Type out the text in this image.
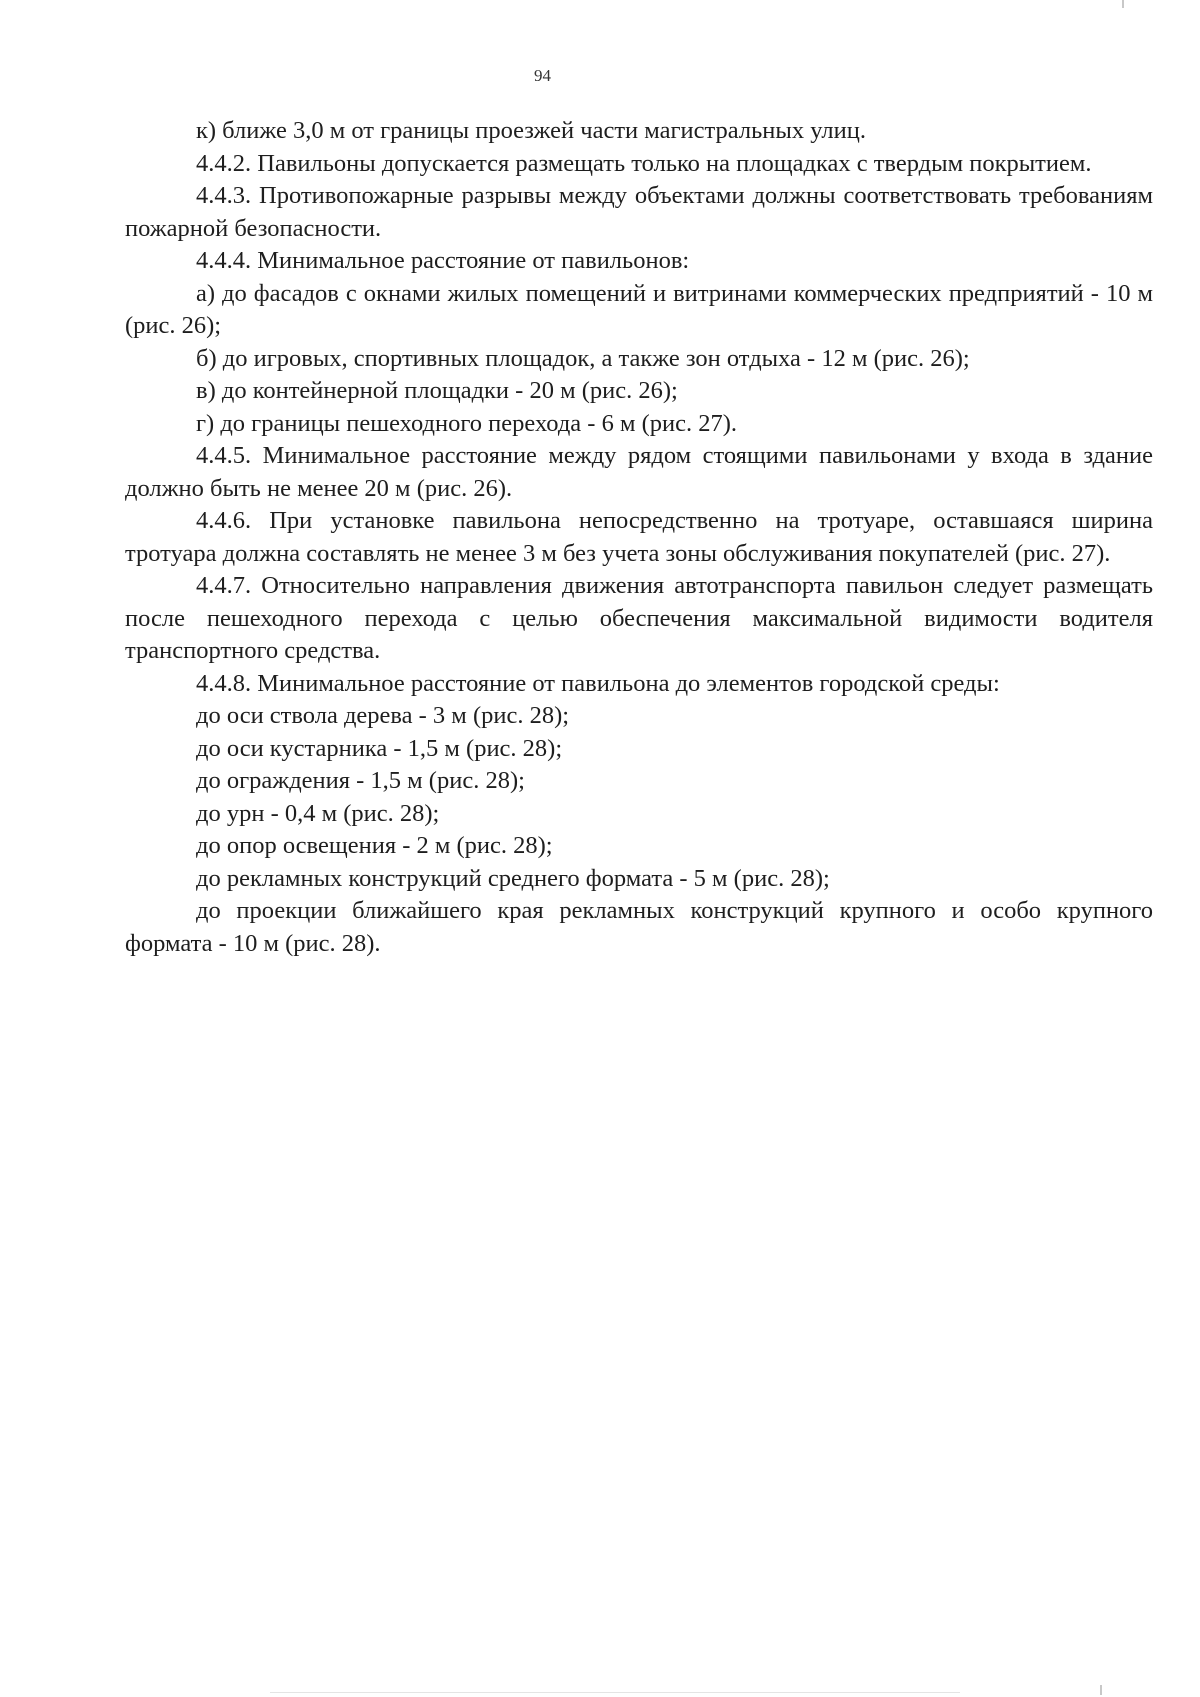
94

к) ближе 3,0 м от границы проезжей части магистральных улиц.

4.4.2. Павильоны допускается размещать только на площадках с твердым покрытием.

4.4.3. Противопожарные разрывы между объектами должны соответствовать требованиям пожарной безопасности.

4.4.4. Минимальное расстояние от павильонов:

а) до фасадов с окнами жилых помещений и витринами коммерческих предприятий - 10 м (рис. 26);

б) до игровых, спортивных площадок, а также зон отдыха - 12 м (рис. 26);

в) до контейнерной площадки - 20 м (рис. 26);

г) до границы пешеходного перехода - 6 м (рис. 27).

4.4.5. Минимальное расстояние между рядом стоящими павильонами у входа в здание должно быть не менее 20 м (рис. 26).

4.4.6. При установке павильона непосредственно на тротуаре, оставшаяся ширина тротуара должна составлять не менее 3 м без учета зоны обслуживания покупателей (рис. 27).

4.4.7. Относительно направления движения автотранспорта павильон следует размещать после пешеходного перехода с целью обеспечения максимальной видимости водителя транспортного средства.

4.4.8. Минимальное расстояние от павильона до элементов городской среды:

до оси ствола дерева - 3 м (рис. 28);

до оси кустарника - 1,5 м (рис. 28);

до ограждения - 1,5 м (рис. 28);

до урн - 0,4 м (рис. 28);

до опор освещения - 2 м (рис. 28);

до рекламных конструкций среднего формата - 5 м (рис. 28);

до проекции ближайшего края рекламных конструкций крупного и особо крупного формата - 10 м (рис. 28).
